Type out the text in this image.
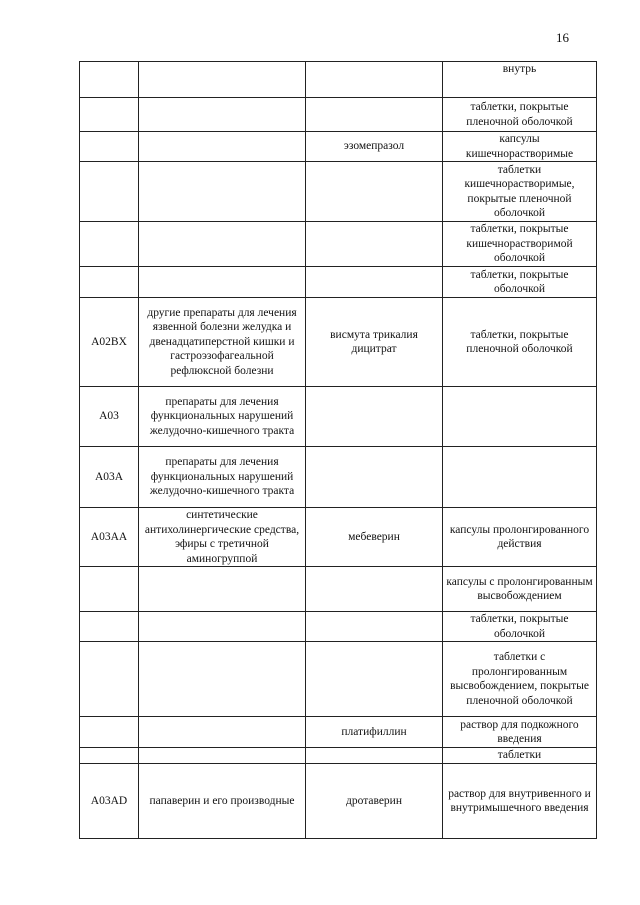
16
			внутрь
			таблетки, покрытые пленочной оболочкой
		эзомепразол	капсулы кишечнорастворимые
			таблетки кишечнорастворимые, покрытые пленочной оболочкой
			таблетки, покрытые кишечнорастворимой оболочкой
			таблетки, покрытые оболочкой
A02BX	другие препараты для лечения язвенной болезни желудка и двенадцатиперстной кишки и гастроэзофагеальной рефлюксной болезни	висмута трикалия дицитрат	таблетки, покрытые пленочной оболочкой
A03	препараты для лечения функциональных нарушений желудочно-кишечного тракта		
A03A	препараты для лечения функциональных нарушений желудочно-кишечного тракта		
A03AA	синтетические антихолинергические средства, эфиры с третичной аминогруппой	мебеверин	капсулы пролонгированного действия
			капсулы с пролонгированным высвобождением
			таблетки, покрытые оболочкой
			таблетки с пролонгированным высвобождением, покрытые пленочной оболочкой
		платифиллин	раствор для подкожного введения
			таблетки
A03AD	папаверин и его производные	дротаверин	раствор для внутривенного и внутримышечного введения
